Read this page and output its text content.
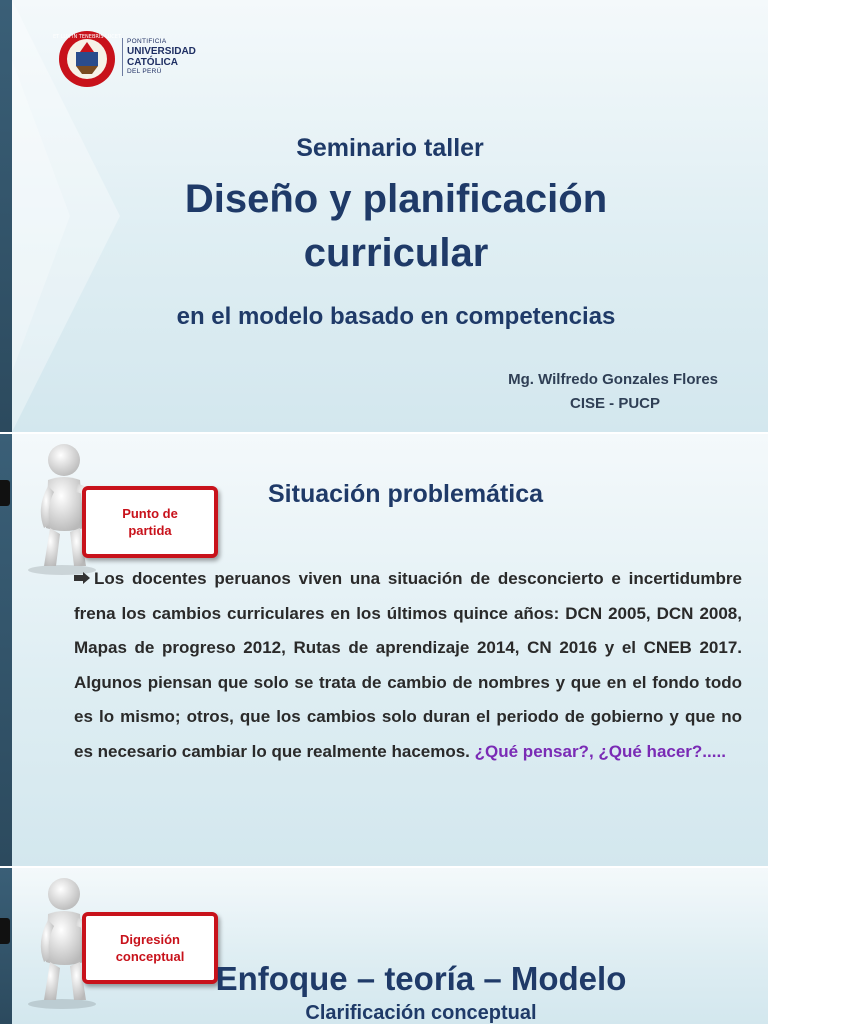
ET LUX IN TENEBRIS LUCET
PONTIFICIA
UNIVERSIDAD
CATÓLICA
DEL PERÚ
Seminario taller
Diseño y planificación
curricular
en el modelo basado en competencias
Mg. Wilfredo Gonzales Flores
CISE - PUCP
Punto de
partida
Situación problemática
Los docentes peruanos viven una situación de desconcierto e incertidumbre frena los cambios curriculares en los últimos quince años: DCN 2005, DCN 2008, Mapas de progreso 2012, Rutas de aprendizaje 2014, CN 2016 y el CNEB 2017. Algunos piensan que solo se trata de cambio de nombres y que en el fondo todo es lo mismo; otros, que los cambios solo duran el periodo de gobierno y que no es necesario cambiar lo que realmente hacemos. ¿Qué pensar?, ¿Qué hacer?.....
Digresión
conceptual
Enfoque – teoría – Modelo
Clarificación conceptual
